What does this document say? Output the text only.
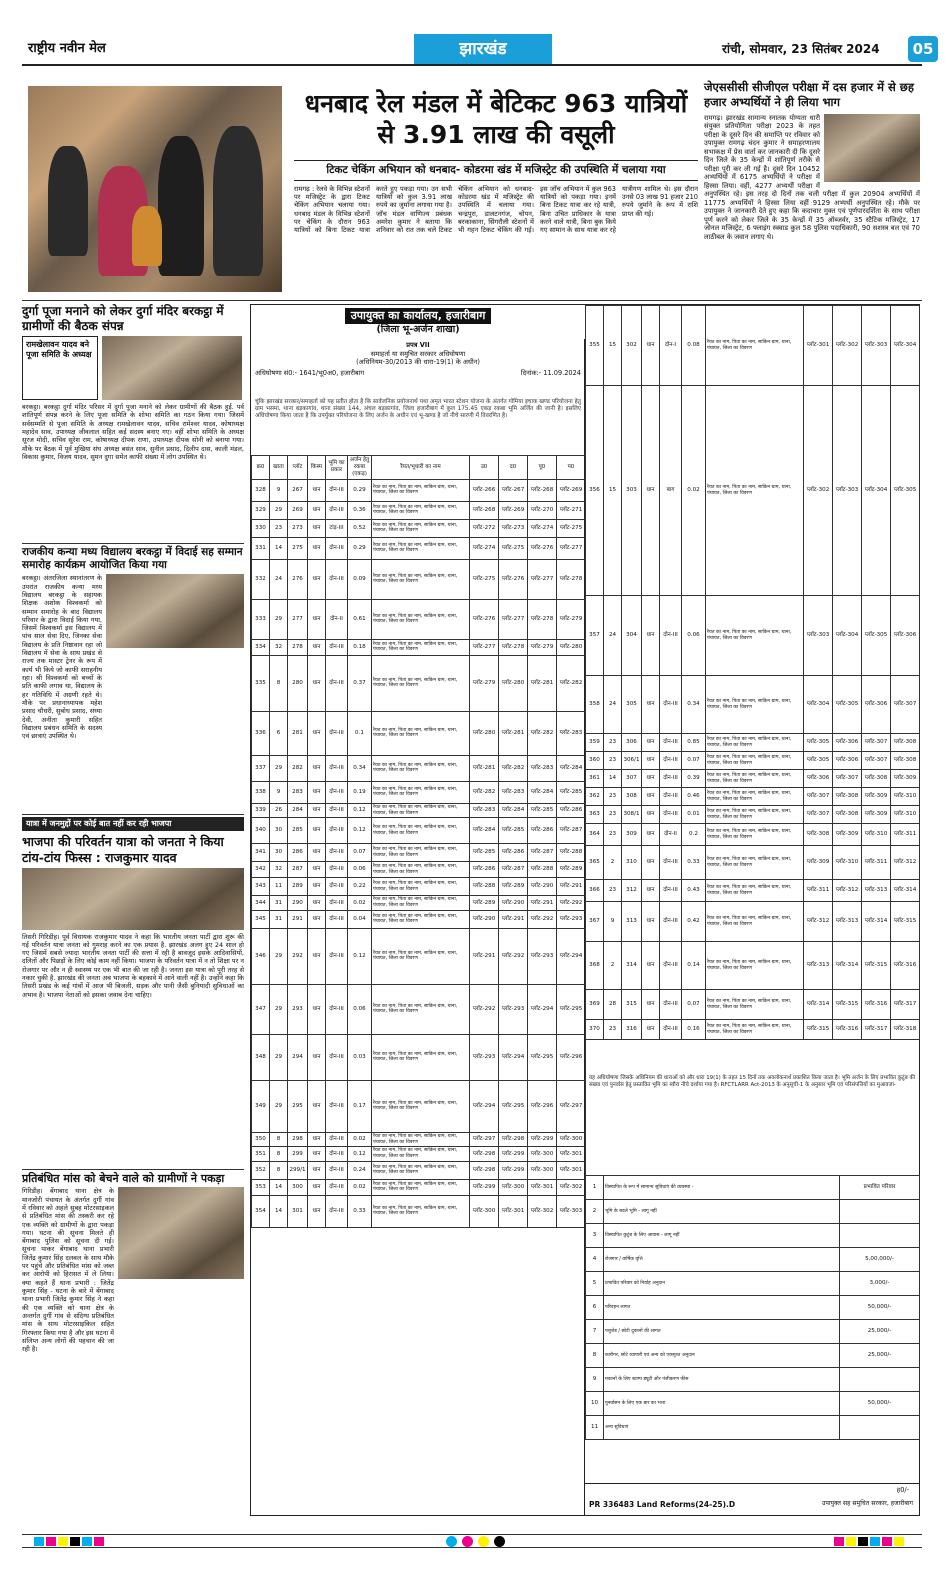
राष्ट्रीय नवीन मेल	झारखंड	रांची, सोमवार, 23 सितंबर 2024	05
धनबाद रेल मंडल में बेटिकट 963 यात्रियों से 3.91 लाख की वसूली
टिकट चेकिंग अभियान को धनबाद- कोडरमा खंड में मजिस्ट्रेट की उपस्थिति में चलाया गया
रामगढ़ : रेलवे के विभिन्न स्टेशनों पर मजिस्ट्रेट के द्वारा टिकट चेकिंग अभियान चलाया गया। धनबाद मंडल के विभिन्न स्टेशनों पर चेकिंग के दौरान 963 यात्रियों को बिना टिकट यात्रा करते हुए पकड़ा गया। उन सभी यात्रियों को कुल 3.91 लाख रुपये का जुर्माना लगाया गया है। जाँच मंडल वाणिज्य प्रबंधक अमरेश कुमार ने बताया कि शनिवार को रात तक चले टिकट चेकिंग अभियान को धनबाद- कोडरमा खंड में मजिस्ट्रेट की उपस्थिति में चलाया गया। चन्द्रपुरा, डालटनगंज, चोपन, बरकाकाना, सिंगरौली स्टेशनों में भी गहन टिकट चेकिंग की गई। इस जाँच अभियान में कुल 963 यात्रियों को पकड़ा गया। इनमें बिना टिकट यात्रा कर रहे यात्री, बिना उचित प्राधिकार के यात्रा करने वाले यात्री, बिना बुक किये गए सामान के साथ यात्रा कर रहे यात्रीगण शामिल थे। इस दौरान उनसे 03 लाख 91 हजार 210 रुपये जुर्माने के रूप में राशि प्राप्त की गई।
जेएससीसी सीजीएल परीक्षा में दस हजार में से छह हजार अभ्यर्थियों ने ही लिया भाग
रामगढ़। झारखंड सामान्य स्नातक योग्यता धारी संयुक्त प्रतियोगिता परीक्षा 2023 के तहत परीक्षा के दूसरे दिन की समाप्ति पर रविवार को उपायुक्त रामगढ़ चंदन कुमार ने समाहरणालय सभाकक्ष में प्रेस वार्ता कर जानकारी दी कि दूसरे दिन जिले के 35 केन्द्रों में शांतिपूर्ण तरीके से परीक्षा पूरी कर ली गई है। दूसरे दिन 10452 अभ्यर्थियों में 6175 अभ्यर्थियों ने परीक्षा में हिस्सा लिया। वहीं, 4277 अभ्यर्थी परीक्षा में अनुपस्थित रहे। इस तरह दो दिनों तक चली परीक्षा में कुल 20904 अभ्यर्थियों में 11775 अभ्यर्थियों ने हिस्सा लिया वहीं 9129 अभ्यर्थी अनुपस्थित रहे। मौके पर उपायुक्त ने जानकारी देते हुए कहा कि कदाचार मुक्त एवं पूर्णपारदर्शिता के साथ परीक्षा पूर्ण करने को लेकर जिले के 35 केन्द्रों में 35 ऑब्जर्वर, 35 स्टैटिक मजिस्ट्रेट, 17 जोनल मजिस्ट्रेट, 6 फ्लाइंग स्क्वाड कुल 58 पुलिस पदाधिकारी, 90 सशस्त्र बल एवं 70 लाठीबल के जवान लगाए थे।
दुर्गा पूजा मनाने को लेकर दुर्गा मंदिर बरकट्ठा में ग्रामीणों की बैठक संपन्न
रामखेलावन यादव बने पूजा समिति के अध्यक्ष
बरकट्ठा। बरकट्ठा दुर्गा मंदिर परिसर में दुर्गा पूजा मनाने को लेकर ग्रामीणों की बैठक हुई. पर्व शांतिपूर्ण संपन्न करने के लिए पूजा समिति के शोभा समिति का गठन किया गया। जिसमें सर्वसम्मति से पूजा समिति के अध्यक्ष रामखेलावन यादव, सचिव रामेश्वर यादव, कोषाध्यक्ष महादेव साव, उपाध्यक्ष जीवलाल सहित कई सदस्य बनाए गए। वहीं शोभा समिति के अध्यक्ष सूरज मोदी, सचिव सुरेश राम, कोषाध्यक्ष दीपक राणा, उपाध्यक्ष दीपक सोनी को बनाया गया। मौके पर बैठक में पूर्व मुखिया संघ अध्यक्ष बसंत साव, सुनील प्रसाद, दिलीप दास, काली मंडल, विकास कुमार, विजय यादव, सुमन दुगा समेत काफी संख्या में लोग उपस्थित थे।
राजकीय कन्या मध्य विद्यालय बरकट्ठा में विदाई सह सम्मान समारोह कार्यक्रम आयोजित किया गया
बरकट्ठा। अंतरजिला स्थानांतरण के उपरांत राजकीय कन्या मध्य विद्यालय बरकट्ठा के सहायक शिक्षक अशोक विश्वकर्मा को सम्मान समारोह के बाद विद्यालय परिवार के द्वारा विदाई किया गया, जिसमें विश्वकर्मा इस विद्यालय में पांच साल सेवा दिए, जिनका सेवा विद्यालय के प्रति निष्ठावान रहा जो विद्यालय में सेवा के साथ प्रखंड से राज्य तक मास्टर ट्रेनर के रूप में कार्य भी किये जो काफी सराहनीय रहा। श्री विश्वकर्मा को बच्चों के प्रति काफी लगाव था, विद्यालय के हर गतिविधि में अग्रणी रहते थे। मौके पर प्रधानाध्यापक महेश प्रसाद चौधरी, सुबोध प्रसाद, संध्या देवी, अनीता कुमारी सहित विद्यालय प्रबंधन समिति के सदस्य एवं छात्राएं उपस्थित थे।
यात्रा में जनमुद्दों पर कोई बात नहीं कर रही भाजपा
भाजपा की परिवर्तन यात्रा को जनता ने किया टांय-टांय फिस्स : राजकुमार यादव
तिसरी गिरिडीह। पूर्व विधायक राजकुमार यादव ने कहा कि भारतीय जनता पार्टी द्वारा शुरू की गई परिवर्तन यात्रा जनता को गुमराह करने का एक प्रयास है. झारखंड अलग हुए 24 साल हो गए जिसमें सबसे ज्यादा भारतीय जनता पार्टी की सत्ता में रही है बावजूद इसके आदिवासियों, दलितों और पिछड़ों के लिए कोई काम नहीं किया। भाजपा के परिवर्तन यात्रा में न तो शिक्षा पर न रोजगार पर और न ही स्वास्थ्य पर एक भी बात की जा रही है। जनता इस यात्रा को पूरी तरह से नकार चुकी है. झारखंड की जनता अब भाजपा के बहकावे में आने वाली नहीं है। उन्होंने कहा कि तिसरी प्रखंड के कई गांवों में आज भी बिजली, सड़क और पानी जैसी बुनियादी सुविधाओं का अभाव है। भाजपा नेताओं को इसका जवाब देना चाहिए।
प्रतिबंधित मांस को बेचने वाले को ग्रामीणों ने पकड़ा
गिरिडीह। बेंगाबाद थाना क्षेत्र के मानजोरी पंचायत के अंतर्गत दुर्गी गांव में रविवार को अहले सुबह मोटरसाइकल से प्रतिबंधित मांस की तस्करी कर रहे एक व्यक्ति को ग्रामीणों के द्वारा पकड़ा गया। घटना की सूचना मिलते ही बेंगाबाद पुलिस को सूचना दी गई। सूचना पाकर बेंगाबाद थाना प्रभारी जितेंद्र कुमार सिंह दलबल के साथ मौके पर पहुंचे और प्रतिबंधित मांस को जब्त कर आरोपी को हिरासत में ले लिया। क्या कहते हैं थाना प्रभारी : जितेंद्र कुमार सिंह - घटना के बारे में बेंगाबाद थाना प्रभारी जितेंद्र कुमार सिंह ने कहा की एक व्यक्ति को थाना क्षेत्र के अन्तर्गत दुर्गी गांव से संदिग्ध प्रतिबंधित मांस के साथ मोटरसाइकिल सहित गिरफ्तार किया गया है और इस घटना में संलिप्त अन्य लोगों की पहचान की जा रही है।
उपायुक्त का कार्यालय, हजारीबाग
(जिला भू-अर्जन शाखा)
प्रपत्र VII
समाहर्ता या समुचित सरकार अधिघोषणा
(अधिनियम-30/2013 की धारा-19(1) के अधीन)
अधिघोषणा सं0:- 1641/भू0अ0, हजारीबाग	दिनांक:- 11.09.2024
चूंकि झारखंड सरकार/समाहर्ता को यह प्रतीत होता है कि सार्वजनिक प्रयोजनार्थ यथा अमृत भारत स्टेशन योजना के अंतर्गत गोमिया इचाक खण्ड परियोजना हेतु ग्राम भसमा, थाना बड़कागांव, थाना संख्या 144, अंचल बड़कागांव, जिला हजारीबाग में कुल 175.45 एकड़ रकबा भूमि अर्जित की जानी है। इसलिए अधिघोषणा किया जाता है कि उपर्युक्त परियोजना के लिए अर्जन के अधीन एवं भू-खण्ड है जो नीचे सारणी में विवरणित है।
क्र0	खाता	प्लॉट	किस्म	भूमि का प्रकार	अर्जन हेतु रकबा (एकड़)	रैयत/भूधारी का नाम	उ0	द0	पू0	प0
328	9	267	धान	दोन-III	0.29	रैयत का नाम, पिता का नाम, साकिन ग्राम, थाना, पंचायत, जिला का विवरण	प्लॉट-266	प्लॉट-267	प्लॉट-268	प्लॉट-269
329	29	269	धान	दोन-III	0.36	रैयत का नाम, पिता का नाम, साकिन ग्राम, थाना, पंचायत, जिला का विवरण	प्लॉट-268	प्लॉट-269	प्लॉट-270	प्लॉट-271
330	23	273	धान	टांड़-III	0.52	रैयत का नाम, पिता का नाम, साकिन ग्राम, थाना, पंचायत, जिला का विवरण	प्लॉट-272	प्लॉट-273	प्लॉट-274	प्लॉट-275
331	14	275	धान	दोन-III	0.29	रैयत का नाम, पिता का नाम, साकिन ग्राम, थाना, पंचायत, जिला का विवरण	प्लॉट-274	प्लॉट-275	प्लॉट-276	प्लॉट-277
332	24	276	धान	दोन-III	0.09	रैयत का नाम, पिता का नाम, साकिन ग्राम, थाना, पंचायत, जिला का विवरण	प्लॉट-275	प्लॉट-276	प्लॉट-277	प्लॉट-278
333	29	277	धान	दोन-II	0.61	रैयत का नाम, पिता का नाम, साकिन ग्राम, थाना, पंचायत, जिला का विवरण	प्लॉट-276	प्लॉट-277	प्लॉट-278	प्लॉट-279
334	32	278	धान	दोन-III	0.18	रैयत का नाम, पिता का नाम, साकिन ग्राम, थाना, पंचायत, जिला का विवरण	प्लॉट-277	प्लॉट-278	प्लॉट-279	प्लॉट-280
335	8	280	धान	दोन-III	0.37	रैयत का नाम, पिता का नाम, साकिन ग्राम, थाना, पंचायत, जिला का विवरण	प्लॉट-279	प्लॉट-280	प्लॉट-281	प्लॉट-282
336	6	281	धान	दोन-III	0.1	रैयत का नाम, पिता का नाम, साकिन ग्राम, थाना, पंचायत, जिला का विवरण	प्लॉट-280	प्लॉट-281	प्लॉट-282	प्लॉट-283
337	29	282	धान	दोन-III	0.34	रैयत का नाम, पिता का नाम, साकिन ग्राम, थाना, पंचायत, जिला का विवरण	प्लॉट-281	प्लॉट-282	प्लॉट-283	प्लॉट-284
338	9	283	धान	दोन-III	0.19	रैयत का नाम, पिता का नाम, साकिन ग्राम, थाना, पंचायत, जिला का विवरण	प्लॉट-282	प्लॉट-283	प्लॉट-284	प्लॉट-285
339	26	284	धान	दोन-III	0.12	रैयत का नाम, पिता का नाम, साकिन ग्राम, थाना, पंचायत, जिला का विवरण	प्लॉट-283	प्लॉट-284	प्लॉट-285	प्लॉट-286
340	30	285	धान	दोन-III	0.12	रैयत का नाम, पिता का नाम, साकिन ग्राम, थाना, पंचायत, जिला का विवरण	प्लॉट-284	प्लॉट-285	प्लॉट-286	प्लॉट-287
341	30	286	धान	दोन-III	0.07	रैयत का नाम, पिता का नाम, साकिन ग्राम, थाना, पंचायत, जिला का विवरण	प्लॉट-285	प्लॉट-286	प्लॉट-287	प्लॉट-288
342	32	287	धान	दोन-III	0.06	रैयत का नाम, पिता का नाम, साकिन ग्राम, थाना, पंचायत, जिला का विवरण	प्लॉट-286	प्लॉट-287	प्लॉट-288	प्लॉट-289
343	11	289	धान	दोन-III	0.22	रैयत का नाम, पिता का नाम, साकिन ग्राम, थाना, पंचायत, जिला का विवरण	प्लॉट-288	प्लॉट-289	प्लॉट-290	प्लॉट-291
344	31	290	धान	दोन-III	0.02	रैयत का नाम, पिता का नाम, साकिन ग्राम, थाना, पंचायत, जिला का विवरण	प्लॉट-289	प्लॉट-290	प्लॉट-291	प्लॉट-292
345	31	291	धान	दोन-III	0.04	रैयत का नाम, पिता का नाम, साकिन ग्राम, थाना, पंचायत, जिला का विवरण	प्लॉट-290	प्लॉट-291	प्लॉट-292	प्लॉट-293
346	29	292	धान	दोन-III	0.12	रैयत का नाम, पिता का नाम, साकिन ग्राम, थाना, पंचायत, जिला का विवरण	प्लॉट-291	प्लॉट-292	प्लॉट-293	प्लॉट-294
347	29	293	धान	दोन-III	0.06	रैयत का नाम, पिता का नाम, साकिन ग्राम, थाना, पंचायत, जिला का विवरण	प्लॉट-292	प्लॉट-293	प्लॉट-294	प्लॉट-295
348	29	294	धान	दोन-III	0.03	रैयत का नाम, पिता का नाम, साकिन ग्राम, थाना, पंचायत, जिला का विवरण	प्लॉट-293	प्लॉट-294	प्लॉट-295	प्लॉट-296
349	29	295	धान	दोन-III	0.17	रैयत का नाम, पिता का नाम, साकिन ग्राम, थाना, पंचायत, जिला का विवरण	प्लॉट-294	प्लॉट-295	प्लॉट-296	प्लॉट-297
350	8	298	धान	दोन-III	0.02	रैयत का नाम, पिता का नाम, साकिन ग्राम, थाना, पंचायत, जिला का विवरण	प्लॉट-297	प्लॉट-298	प्लॉट-299	प्लॉट-300
351	8	299	धान	दोन-III	0.12	रैयत का नाम, पिता का नाम, साकिन ग्राम, थाना, पंचायत, जिला का विवरण	प्लॉट-298	प्लॉट-299	प्लॉट-300	प्लॉट-301
352	8	299/1	धान	दोन-III	0.24	रैयत का नाम, पिता का नाम, साकिन ग्राम, थाना, पंचायत, जिला का विवरण	प्लॉट-298	प्लॉट-299	प्लॉट-300	प्लॉट-301
353	14	300	धान	दोन-III	0.02	रैयत का नाम, पिता का नाम, साकिन ग्राम, थाना, पंचायत, जिला का विवरण	प्लॉट-299	प्लॉट-300	प्लॉट-301	प्लॉट-302
354	14	301	धान	दोन-III	0.33	रैयत का नाम, पिता का नाम, साकिन ग्राम, थाना, पंचायत, जिला का विवरण	प्लॉट-300	प्लॉट-301	प्लॉट-302	प्लॉट-303
355	15	302	धान	दोन-I	0.08	रैयत का नाम, पिता का नाम, साकिन ग्राम, थाना, पंचायत, जिला का विवरण	प्लॉट-301	प्लॉट-302	प्लॉट-303	प्लॉट-304
356	15	303	धान	बाग	0.02	रैयत का नाम, पिता का नाम, साकिन ग्राम, थाना, पंचायत, जिला का विवरण	प्लॉट-302	प्लॉट-303	प्लॉट-304	प्लॉट-305
357	24	304	धान	दोन-III	0.06	रैयत का नाम, पिता का नाम, साकिन ग्राम, थाना, पंचायत, जिला का विवरण	प्लॉट-303	प्लॉट-304	प्लॉट-305	प्लॉट-306
358	24	305	धान	दोन-III	0.34	रैयत का नाम, पिता का नाम, साकिन ग्राम, थाना, पंचायत, जिला का विवरण	प्लॉट-304	प्लॉट-305	प्लॉट-306	प्लॉट-307
359	23	306	धान	दोन-III	0.85	रैयत का नाम, पिता का नाम, साकिन ग्राम, थाना, पंचायत, जिला का विवरण	प्लॉट-305	प्लॉट-306	प्लॉट-307	प्लॉट-308
360	23	306/1	धान	दोन-III	0.07	रैयत का नाम, पिता का नाम, साकिन ग्राम, थाना, पंचायत, जिला का विवरण	प्लॉट-305	प्लॉट-306	प्लॉट-307	प्लॉट-308
361	14	307	धान	दोन-III	0.39	रैयत का नाम, पिता का नाम, साकिन ग्राम, थाना, पंचायत, जिला का विवरण	प्लॉट-306	प्लॉट-307	प्लॉट-308	प्लॉट-309
362	23	308	धान	दोन-III	0.46	रैयत का नाम, पिता का नाम, साकिन ग्राम, थाना, पंचायत, जिला का विवरण	प्लॉट-307	प्लॉट-308	प्लॉट-309	प्लॉट-310
363	23	308/1	धान	दोन-III	0.01	रैयत का नाम, पिता का नाम, साकिन ग्राम, थाना, पंचायत, जिला का विवरण	प्लॉट-307	प्लॉट-308	प्लॉट-309	प्लॉट-310
364	23	309	धान	दोन-II	0.2	रैयत का नाम, पिता का नाम, साकिन ग्राम, थाना, पंचायत, जिला का विवरण	प्लॉट-308	प्लॉट-309	प्लॉट-310	प्लॉट-311
365	2	310	धान	दोन-III	0.33	रैयत का नाम, पिता का नाम, साकिन ग्राम, थाना, पंचायत, जिला का विवरण	प्लॉट-309	प्लॉट-310	प्लॉट-311	प्लॉट-312
366	23	312	धान	दोन-III	0.43	रैयत का नाम, पिता का नाम, साकिन ग्राम, थाना, पंचायत, जिला का विवरण	प्लॉट-311	प्लॉट-312	प्लॉट-313	प्लॉट-314
367	9	313	धान	दोन-III	0.42	रैयत का नाम, पिता का नाम, साकिन ग्राम, थाना, पंचायत, जिला का विवरण	प्लॉट-312	प्लॉट-313	प्लॉट-314	प्लॉट-315
368	2	314	धान	दोन-III	0.14	रैयत का नाम, पिता का नाम, साकिन ग्राम, थाना, पंचायत, जिला का विवरण	प्लॉट-313	प्लॉट-314	प्लॉट-315	प्लॉट-316
369	28	315	धान	दोन-III	0.07	रैयत का नाम, पिता का नाम, साकिन ग्राम, थाना, पंचायत, जिला का विवरण	प्लॉट-314	प्लॉट-315	प्लॉट-316	प्लॉट-317
370	23	316	धान	दोन-III	0.16	रैयत का नाम, पिता का नाम, साकिन ग्राम, थाना, पंचायत, जिला का विवरण	प्लॉट-315	प्लॉट-316	प्लॉट-317	प्लॉट-318
यह अधिघोषणा जिसके अधिनियम की धाराओं को और धारा 19(1) के तहत 15 दिनों तक अवलोकनार्थ प्रकाशित किया जाता है। भूमि अर्जन के लिए प्रभावित कुटुंब की संख्या एवं पुनर्वास हेतु प्रस्तावित भूमि का ब्यौरा नीचे दर्शाया गया है। RFCTLARR Act-2013 के अनुसूची-1 के अनुसार भूमि एवं परिसंपत्तियों का मुआवजा-
1	विस्थापित के रूप में सामान्य सुविधाएं की व्यवस्था -	प्रभावित परिवार
2	भूमि के बदले भूमि - लागू नहीं	
3	विस्थापित कुटुंब के लिए आवास - लागू नहीं	
4	रोजगार / वार्षिक वृत्ति	5,00,000/-
5	प्रभावित परिवार को निर्वाह अनुदान	3,000/-
6	परिवहन लागत	50,000/-
7	पशुशेड / छोटी दुकानों की लागत	25,000/-
8	कारीगर, छोटे व्यापारी एवं अन्य को एकमुश्त अनुदान	25,000/-
9	मकानों के लिए स्टाम्प ड्यूटी और पंजीकरण फीस	
10	पुनर्वासन के लिए एक बार का भत्ता	50,000/-
11	अन्य सुविधाएं	
ह0/-
PR 336483 Land Reforms(24-25).D	उपायुक्त सह समुचित सरकार, हजारीबाग
